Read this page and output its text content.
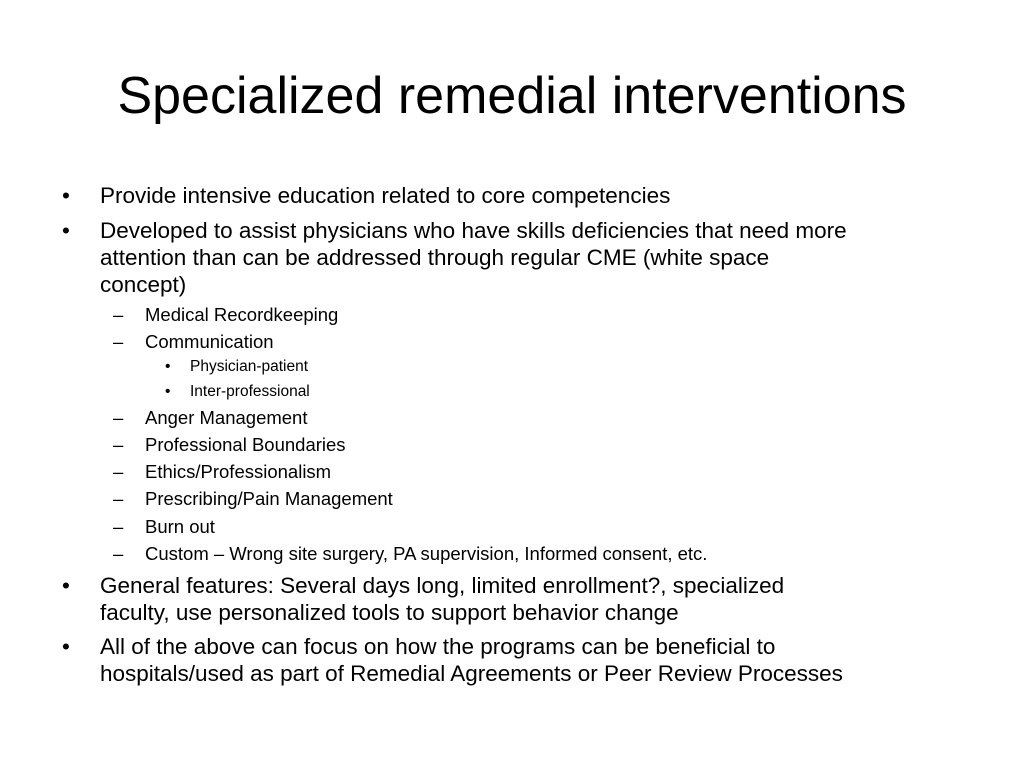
Specialized remedial interventions
• Provide intensive education related to core competencies
• Developed to assist physicians who have skills deficiencies that need more
attention than can be addressed through regular CME (white space
concept)
– Medical Recordkeeping
– Communication
• Physician-patient
• Inter-professional
– Anger Management
– Professional Boundaries
– Ethics/Professionalism
– Prescribing/Pain Management
– Burn out
– Custom – Wrong site surgery, PA supervision, Informed consent, etc.
• General features: Several days long, limited enrollment?, specialized
faculty, use personalized tools to support behavior change
• All of the above can focus on how the programs can be beneficial to
hospitals/used as part of Remedial Agreements or Peer Review Processes
